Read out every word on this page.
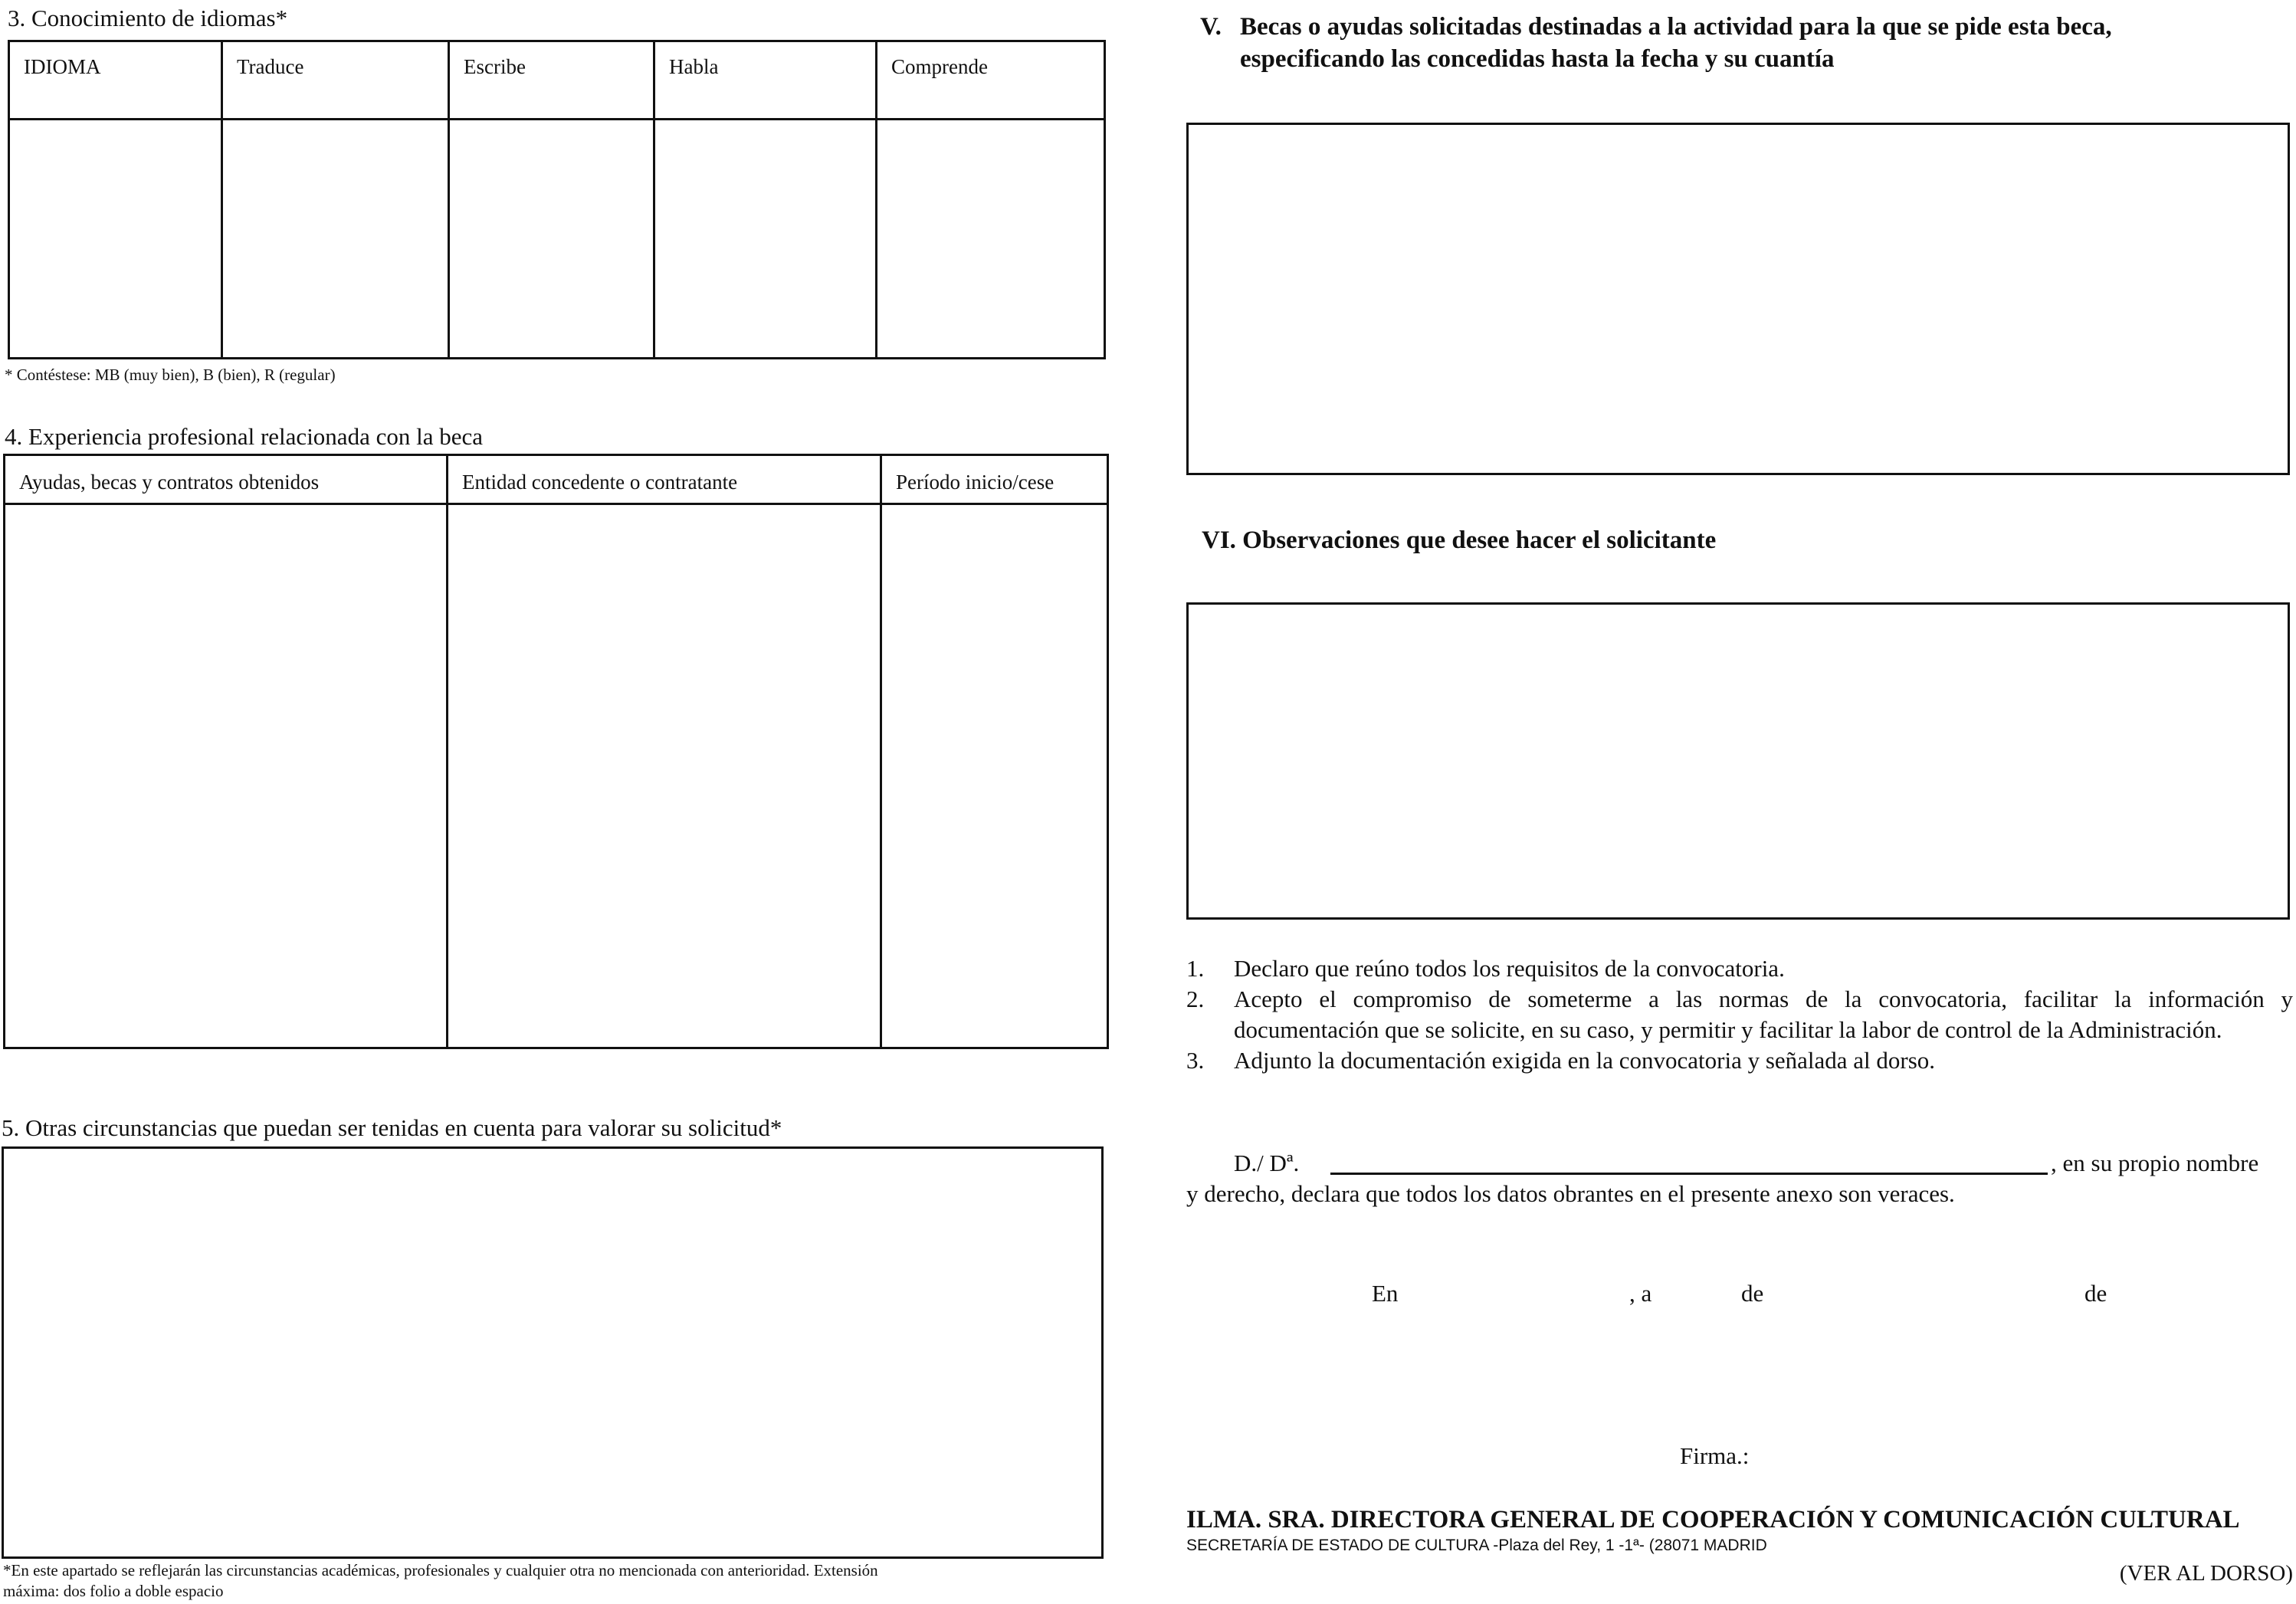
3. Conocimiento de idiomas*
IDIOMA	Traduce	Escribe	Habla	Comprende

* Contéstese: MB (muy bien), B (bien), R (regular)
4. Experiencia profesional relacionada con la beca
Ayudas, becas y contratos obtenidos	Entidad concedente o contratante	Período inicio/cese

5. Otras circunstancias que puedan ser tenidas en cuenta para valorar su solicitud*
*En este apartado se reflejarán las circunstancias académicas, profesionales y cualquier otra no mencionada con anterioridad. Extensión
máxima: dos folio a doble espacio
V. Becas o ayudas solicitadas destinadas a la actividad para la que se pide esta beca,
especificando las concedidas hasta la fecha y su cuantía
VI. Observaciones que desee hacer el solicitante
1.	Declaro que reúno todos los requisitos de la convocatoria.
2.	Acepto el compromiso de someterme a las normas de la convocatoria, facilitar la información y documentación que se solicite, en su caso, y permitir y facilitar la labor de control de la Administración.
3.	Adjunto la documentación exigida en la convocatoria y señalada al dorso.
D./ Dª.	, en su propio nombre
y derecho, declara que todos los datos obrantes en el presente anexo son veraces.
En	, a	de	de
Firma.:
ILMA. SRA. DIRECTORA GENERAL DE COOPERACIÓN Y COMUNICACIÓN CULTURAL
SECRETARÍA DE ESTADO DE CULTURA -Plaza del Rey, 1 -1ª- (28071 MADRID
(VER AL DORSO)
